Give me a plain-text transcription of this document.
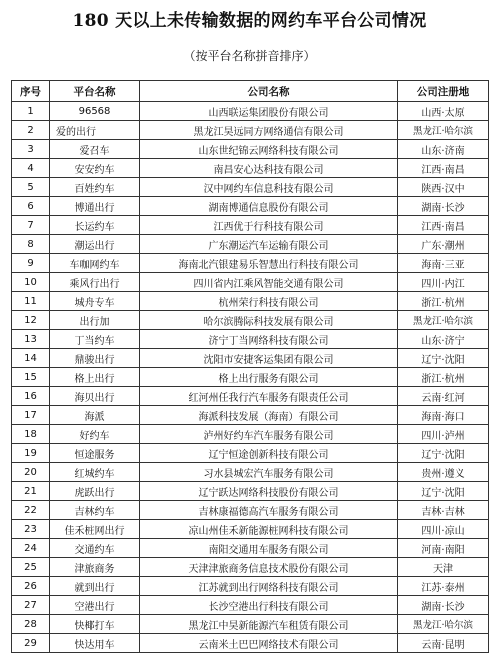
180 天以上未传输数据的网约车平台公司情况
（按平台名称拼音排序）
序号	平台名称	公司名称	公司注册地
1	96568	山西联运集团股份有限公司	山西·太原
2	爱的出行	黑龙江昊远同方网络通信有限公司	黑龙江·哈尔滨
3	爱召车	山东世纪锦云网络科技有限公司	山东·济南
4	安安约车	南昌安心达科技有限公司	江西·南昌
5	百姓约车	汉中网约车信息科技有限公司	陕西·汉中
6	博通出行	湖南博通信息股份有限公司	湖南·长沙
7	长运约车	江西优于行科技有限公司	江西·南昌
8	潮运出行	广东潮运汽车运输有限公司	广东·潮州
9	车咖网约车	海南北汽银建易乐智慧出行科技有限公司	海南·三亚
10	乘风行出行	四川省内江乘风智能交通有限公司	四川·内江
11	城舟专车	杭州荣行科技有限公司	浙江·杭州
12	出行加	哈尔滨腾际科技发展有限公司	黑龙江·哈尔滨
13	丁当约车	济宁丁当网络科技有限公司	山东·济宁
14	鼎骏出行	沈阳市安捷客运集团有限公司	辽宁·沈阳
15	格上出行	格上出行服务有限公司	浙江·杭州
16	海贝出行	红河州任我行汽车服务有限责任公司	云南·红河
17	海派	海派科技发展（海南）有限公司	海南·海口
18	好约车	泸州好约车汽车服务有限公司	四川·泸州
19	恒途服务	辽宁恒途创新科技有限公司	辽宁·沈阳
20	红城约车	习水县城宏汽车服务有限公司	贵州·遵义
21	虎跃出行	辽宁跃达网络科技股份有限公司	辽宁·沈阳
22	吉林约车	吉林康福德高汽车服务有限公司	吉林·吉林
23	佳禾桩网出行	凉山州佳禾新能源桩网科技有限公司	四川·凉山
24	交通约车	南阳交通用车服务有限公司	河南·南阳
25	津旅商务	天津津旅商务信息技术股份有限公司	天津
26	就到出行	江苏就到出行网络科技有限公司	江苏·泰州
27	空港出行	长沙空港出行科技有限公司	湖南·长沙
28	快椰打车	黑龙江中昊新能源汽车租赁有限公司	黑龙江·哈尔滨
29	快达用车	云南米土巴巴网络技术有限公司	云南·昆明
